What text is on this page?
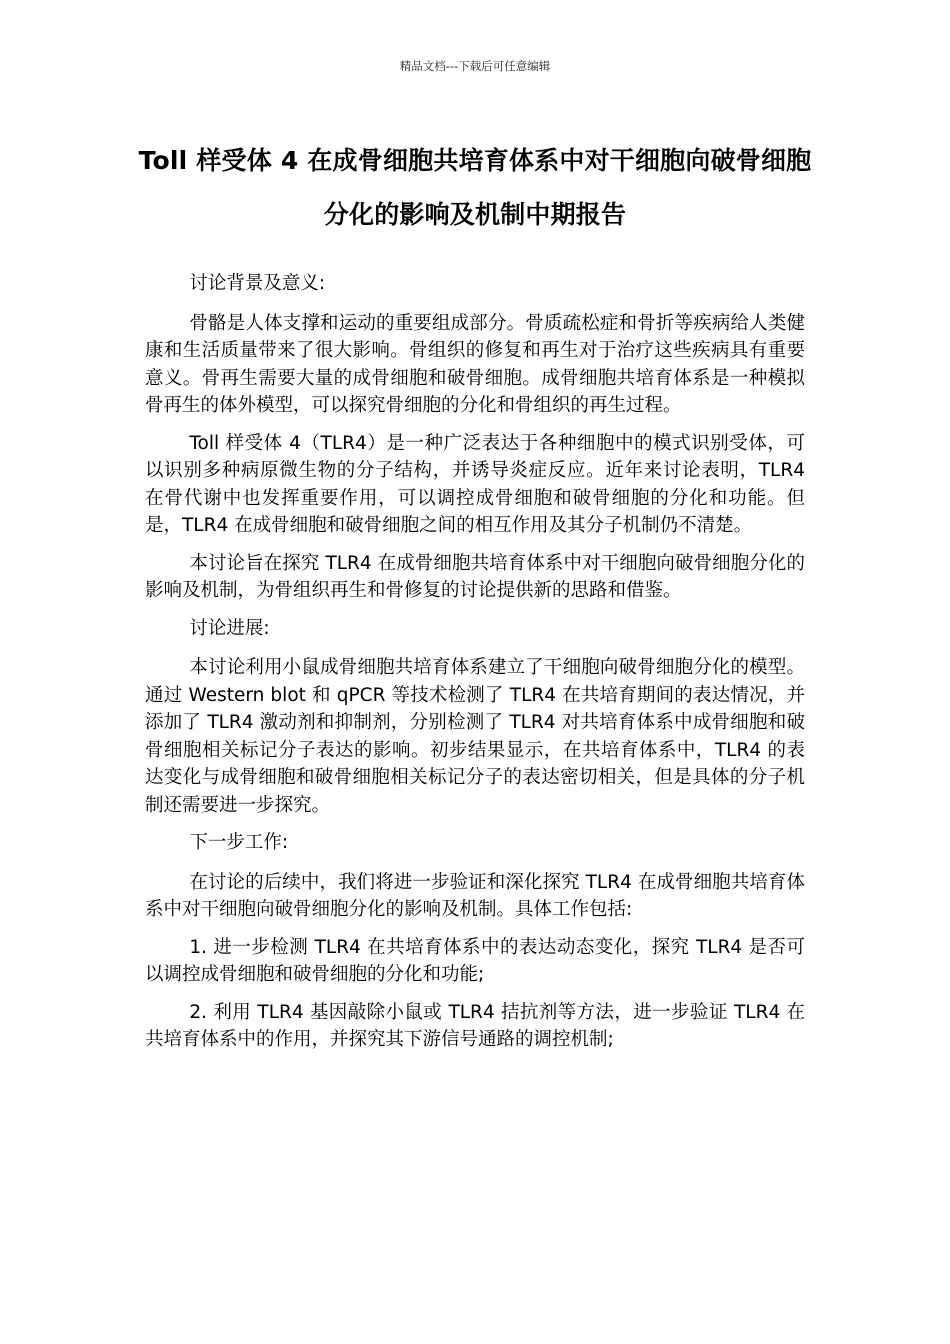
精品文档---下载后可任意编辑
Toll 样受体 4 在成骨细胞共培育体系中对干细胞向破骨细胞分化的影响及机制中期报告

讨论背景及意义:

骨骼是人体支撑和运动的重要组成部分。骨质疏松症和骨折等疾病给人类健康和生活质量带来了很大影响。骨组织的修复和再生对于治疗这些疾病具有重要意义。骨再生需要大量的成骨细胞和破骨细胞。成骨细胞共培育体系是一种模拟骨再生的体外模型，可以探究骨细胞的分化和骨组织的再生过程。

Toll 样受体 4（TLR4）是一种广泛表达于各种细胞中的模式识别受体，可以识别多种病原微生物的分子结构，并诱导炎症反应。近年来讨论表明，TLR4 在骨代谢中也发挥重要作用，可以调控成骨细胞和破骨细胞的分化和功能。但是，TLR4 在成骨细胞和破骨细胞之间的相互作用及其分子机制仍不清楚。

本讨论旨在探究 TLR4 在成骨细胞共培育体系中对干细胞向破骨细胞分化的影响及机制，为骨组织再生和骨修复的讨论提供新的思路和借鉴。

讨论进展:

本讨论利用小鼠成骨细胞共培育体系建立了干细胞向破骨细胞分化的模型。通过 Western blot 和 qPCR 等技术检测了 TLR4 在共培育期间的表达情况，并添加了 TLR4 激动剂和抑制剂，分别检测了 TLR4 对共培育体系中成骨细胞和破骨细胞相关标记分子表达的影响。初步结果显示，在共培育体系中，TLR4 的表达变化与成骨细胞和破骨细胞相关标记分子的表达密切相关，但是具体的分子机制还需要进一步探究。

下一步工作:

在讨论的后续中，我们将进一步验证和深化探究 TLR4 在成骨细胞共培育体系中对干细胞向破骨细胞分化的影响及机制。具体工作包括:

1. 进一步检测 TLR4 在共培育体系中的表达动态变化，探究 TLR4 是否可以调控成骨细胞和破骨细胞的分化和功能;

2. 利用 TLR4 基因敲除小鼠或 TLR4 拮抗剂等方法，进一步验证 TLR4 在共培育体系中的作用，并探究其下游信号通路的调控机制;
